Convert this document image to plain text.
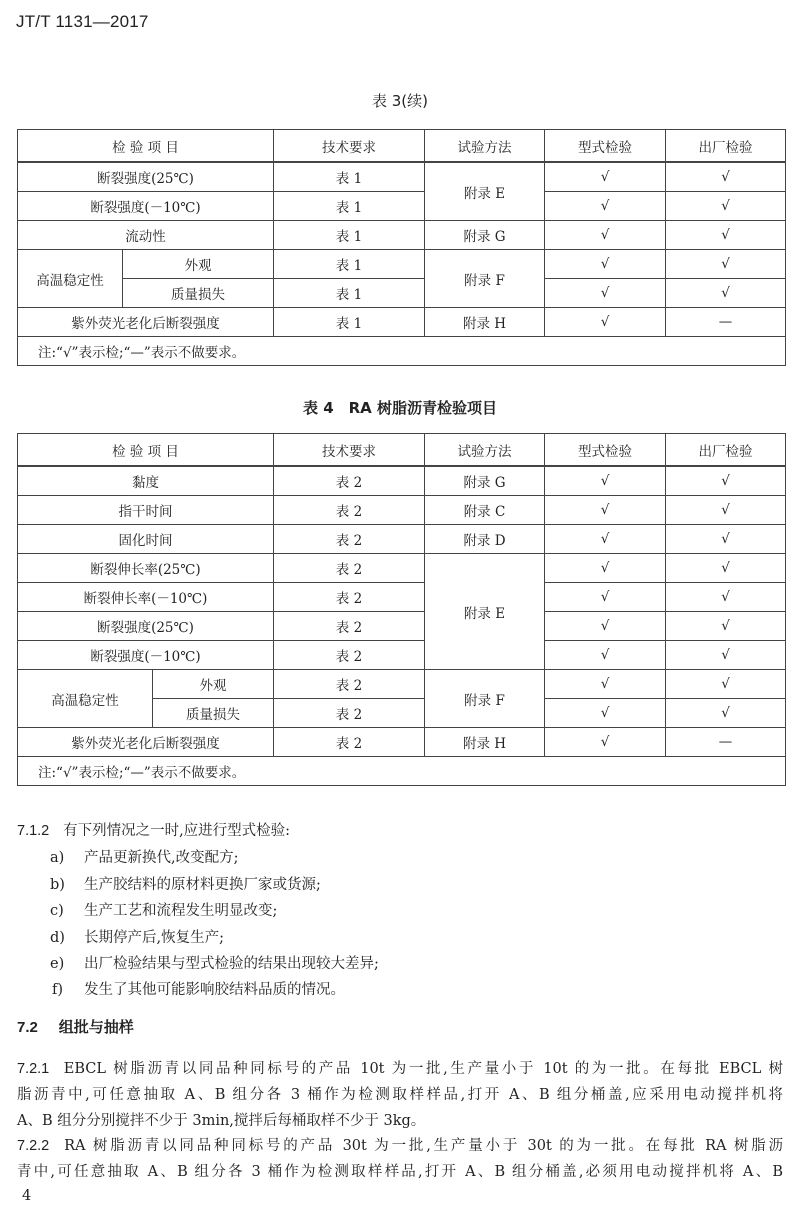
JT/T 1131—2017
表 3(续)
检 验 项 目		技术要求	试验方法	型式检验	出厂检验
断裂强度(25℃)		表 1	附录 E	√	√
断裂强度(－10℃)		表 1		√	√
流动性		表 1	附录 G	√	√
高温稳定性	外观	表 1	附录 F	√	√
	质量损失	表 1		√	√
紫外荧光老化后断裂强度		表 1	附录 H	√	—
注:“√”表示检;“—”表示不做要求。					
表 4　RA 树脂沥青检验项目
检 验 项 目		技术要求	试验方法	型式检验	出厂检验
黏度		表 2	附录 G	√	√
指干时间		表 2	附录 C	√	√
固化时间		表 2	附录 D	√	√
断裂伸长率(25℃)		表 2	附录 E	√	√
断裂伸长率(－10℃)		表 2		√	√
断裂强度(25℃)		表 2		√	√
断裂强度(－10℃)		表 2		√	√
高温稳定性	外观	表 2	附录 F	√	√
	质量损失	表 2		√	√
紫外荧光老化后断裂强度		表 2	附录 H	√	—
注:“√”表示检;“—”表示不做要求。					
7.1.2 有下列情况之一时,应进行型式检验:
a) 产品更新换代,改变配方;
b) 生产胶结料的原材料更换厂家或货源;
c) 生产工艺和流程发生明显改变;
d) 长期停产后,恢复生产;
e) 出厂检验结果与型式检验的结果出现较大差异;
f) 发生了其他可能影响胶结料品质的情况。
7.2 组批与抽样
7.2.1 EBCL 树脂沥青以同品种同标号的产品 10t 为一批,生产量小于 10t 的为一批。在每批 EBCL 树
脂沥青中,可任意抽取 A、B 组分各 3 桶作为检测取样样品,打开 A、B 组分桶盖,应采用电动搅拌机将
A、B 组分分别搅拌不少于 3min,搅拌后每桶取样不少于 3kg。
7.2.2 RA 树脂沥青以同品种同标号的产品 30t 为一批,生产量小于 30t 的为一批。在每批 RA 树脂沥
青中,可任意抽取 A、B 组分各 3 桶作为检测取样样品,打开 A、B 组分桶盖,必须用电动搅拌机将 A、B
4
